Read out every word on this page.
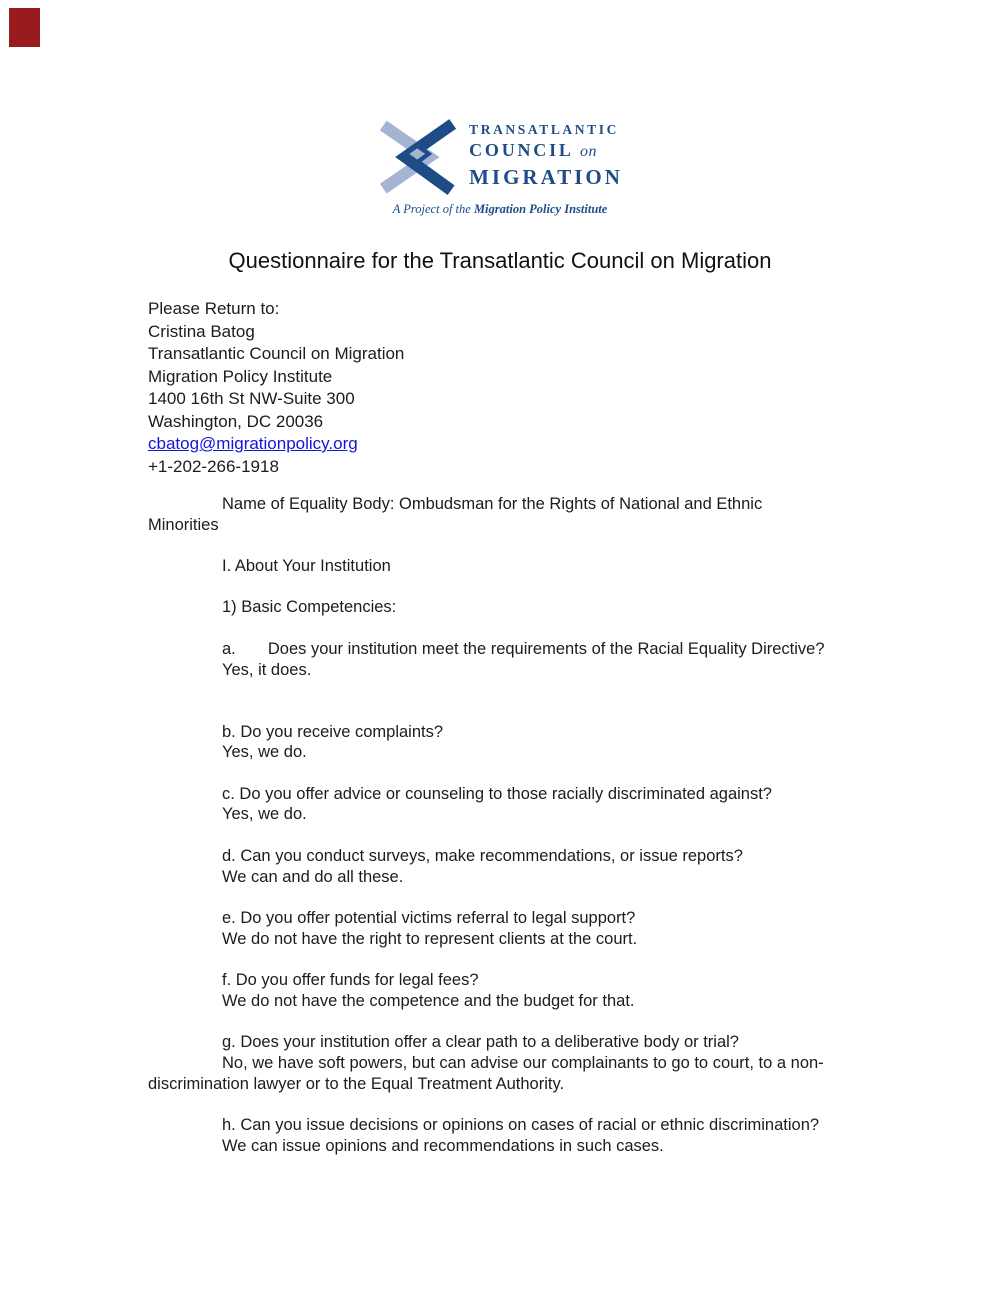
TRANSATLANTIC
COUNCIL on
MIGRATION
A Project of the Migration Policy Institute
Questionnaire for the Transatlantic Council on Migration
Please Return to:
Cristina Batog
Transatlantic Council on Migration
Migration Policy Institute
1400 16th St NW-Suite 300
Washington, DC 20036
cbatog@migrationpolicy.org
+1-202-266-1918
Name of Equality Body: Ombudsman for the Rights of National and Ethnic
Minorities
I. About Your Institution
1) Basic Competencies:
a.       Does your institution meet the requirements of the Racial Equality Directive?
Yes, it does.
b. Do you receive complaints?
Yes, we do.
c. Do you offer advice or counseling to those racially discriminated against?
Yes, we do.
d. Can you conduct surveys, make recommendations, or issue reports?
We can and do all these.
e. Do you offer potential victims referral to legal support?
We do not have the right to represent clients at the court.
f. Do you offer funds for legal fees?
We do not have the competence and the budget for that.
g. Does your institution offer a clear path to a deliberative body or trial?
No, we have soft powers, but can advise our complainants to go to court, to a non-
discrimination lawyer or to the Equal Treatment Authority.
h. Can you issue decisions or opinions on cases of racial or ethnic discrimination?
We can issue opinions and recommendations in such cases.
